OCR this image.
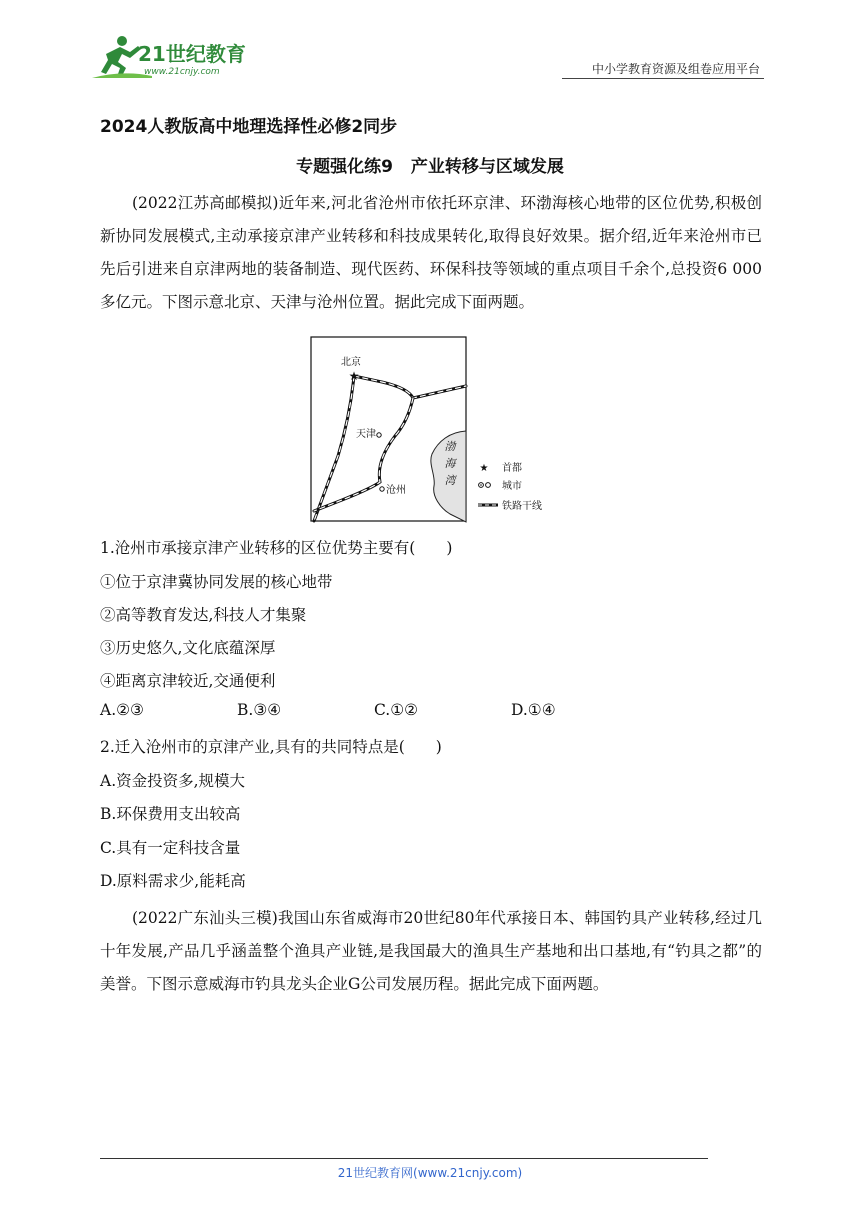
21世纪教育
www.21cnjy.com	中小学教育资源及组卷应用平台
2024人教版高中地理选择性必修2同步
专题强化练9 产业转移与区域发展
(2022江苏高邮模拟)近年来,河北省沧州市依托环京津、环渤海核心地带的区位优势,积极创新协同发展模式,主动承接京津产业转移和科技成果转化,取得良好效果。据介绍,近年来沧州市已先后引进来自京津两地的装备制造、现代医药、环保科技等领域的重点项目千余个,总投资6 000多亿元。下图示意北京、天津与沧州位置。据此完成下面两题。
★
北京
天津
沧州
渤
海
湾
★ 首都
城市
铁路干线
1.沧州市承接京津产业转移的区位优势主要有(　　)
①位于京津冀协同发展的核心地带
②高等教育发达,科技人才集聚
③历史悠久,文化底蕴深厚
④距离京津较近,交通便利
A.②③	B.③④	C.①②	D.①④
2.迁入沧州市的京津产业,具有的共同特点是(　　)
A.资金投资多,规模大
B.环保费用支出较高
C.具有一定科技含量
D.原料需求少,能耗高
(2022广东汕头三模)我国山东省威海市20世纪80年代承接日本、韩国钓具产业转移,经过几十年发展,产品几乎涵盖整个渔具产业链,是我国最大的渔具生产基地和出口基地,有“钓具之都”的美誉。下图示意威海市钓具龙头企业G公司发展历程。据此完成下面两题。
21世纪教育网(www.21cnjy.com)
